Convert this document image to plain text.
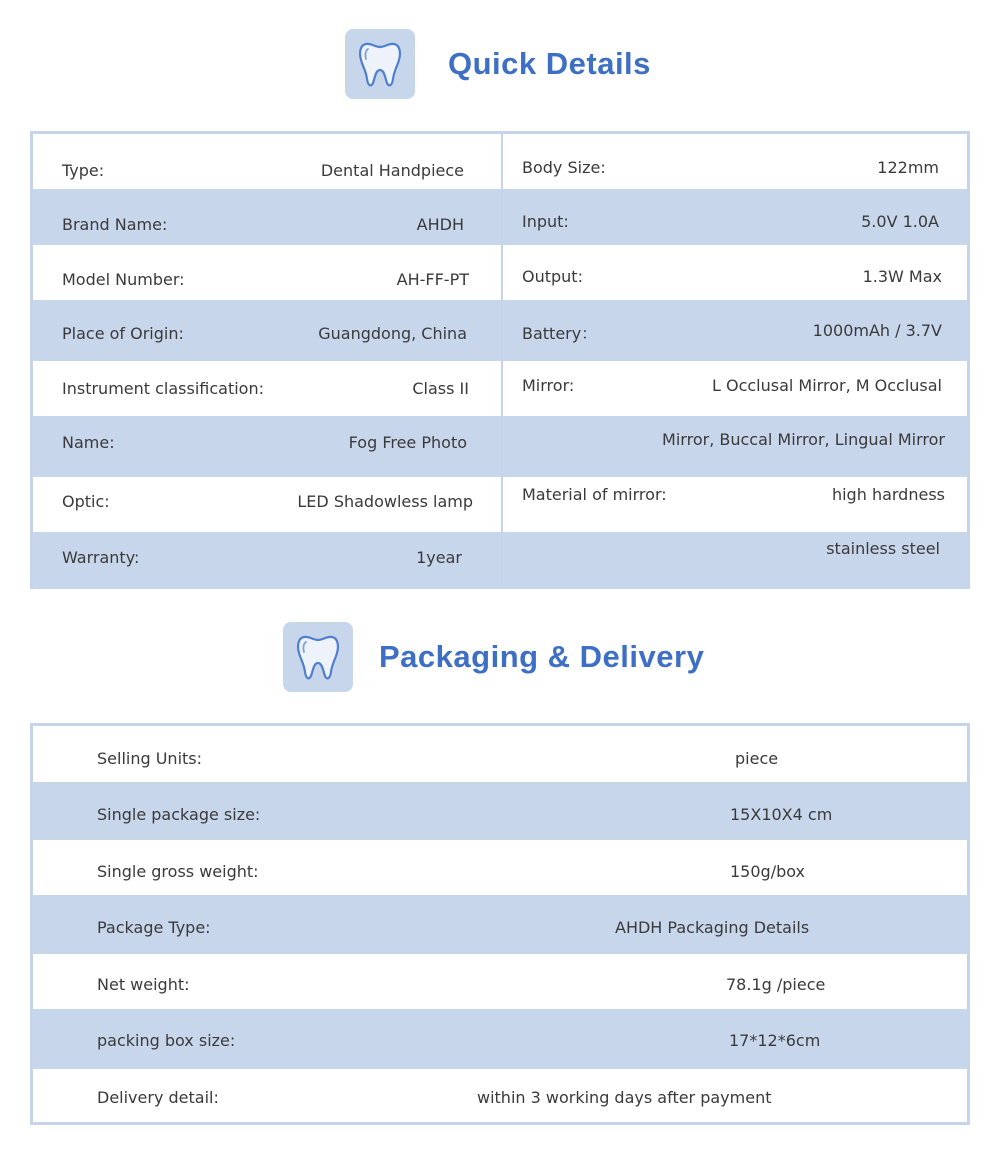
Quick Details
Type:
Brand Name:
Model Number:
Place of Origin:
Instrument classification:
Name:
Optic:
Warranty:
Dental Handpiece
AHDH
AH-FF-PT
Guangdong, China
Class II
Fog Free Photo
LED Shadowless lamp
1year
Body Size:
Input:
Output:
Battery：
Mirror:
Material of mirror:
122mm
5.0V 1.0A
1.3W Max
1000mAh / 3.7V
L Occlusal Mirror, M Occlusal
Mirror, Buccal Mirror, Lingual Mirror
high hardness
stainless steel
Packaging & Delivery
Selling Units:
Single package size:
Single gross weight:
Package Type:
Net weight:
packing box size:
Delivery detail:
piece
15X10X4 cm
150g/box
AHDH Packaging Details
78.1g /piece
17*12*6cm
within 3 working days after payment
